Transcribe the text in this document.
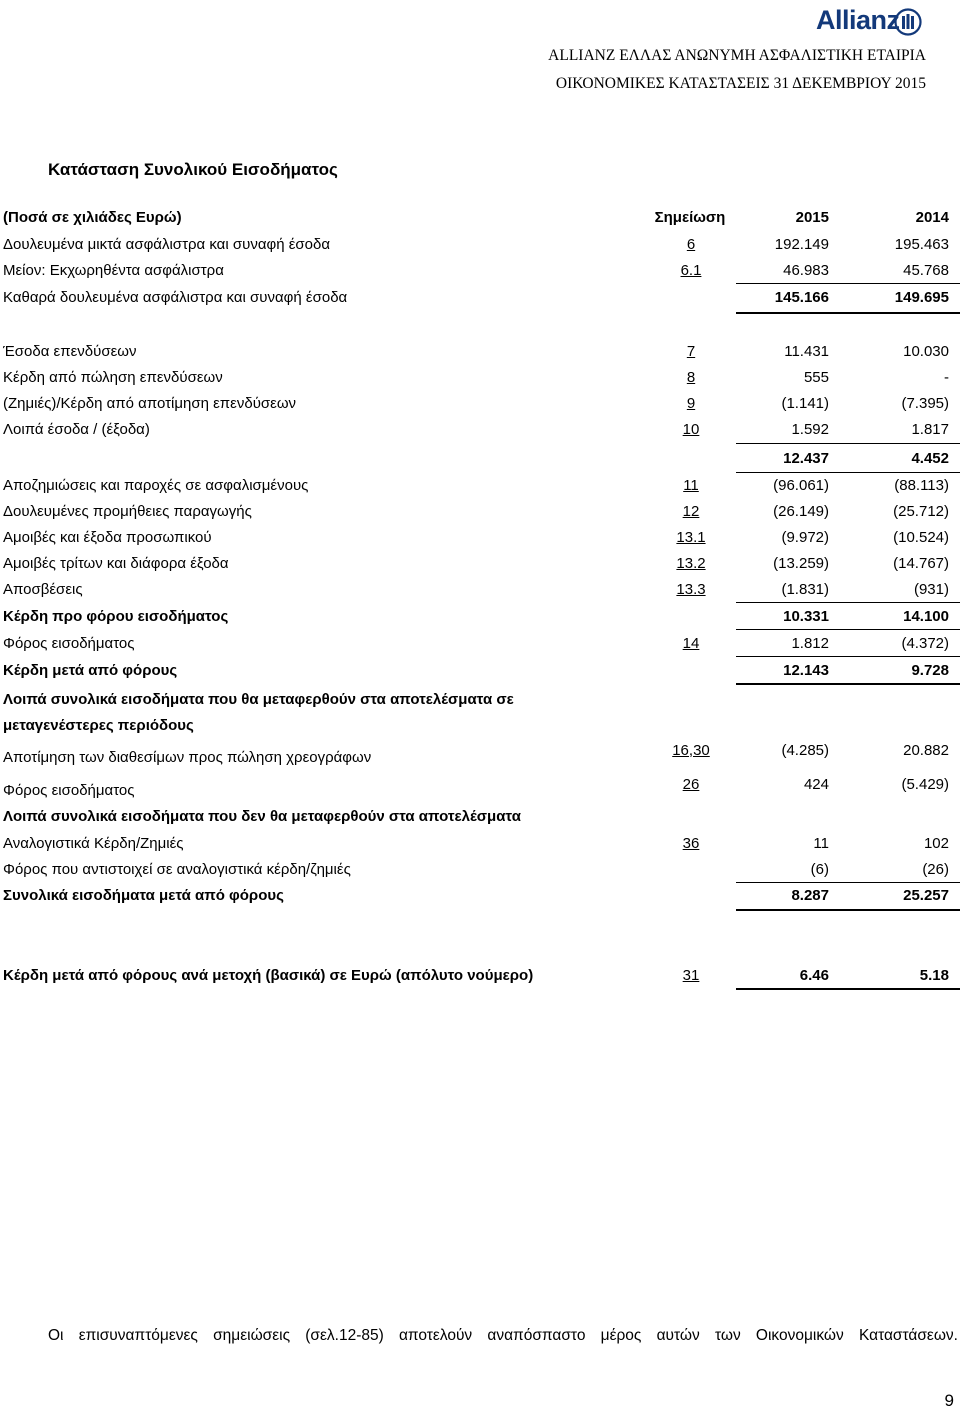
Allianz
ALLIANZ ΕΛΛΑΣ ΑΝΩΝΥΜΗ ΑΣΦΑΛΙΣΤΙΚΗ ΕΤΑΙΡΙΑ
ΟΙΚΟΝΟΜΙΚΕΣ ΚΑΤΑΣΤΑΣΕΙΣ 31 ΔΕΚΕΜΒΡΙΟΥ 2015
Κατάσταση Συνολικού Εισοδήματος
(Ποσά σε χιλιάδες Ευρώ)	Σημείωση	2015	2014
Δουλευμένα μικτά ασφάλιστρα και συναφή έσοδα	6	192.149	195.463
Μείον: Εκχωρηθέντα ασφάλιστρα	6.1	46.983	45.768
Καθαρά δουλευμένα ασφάλιστρα και συναφή έσοδα	145.166	149.695
Έσοδα επενδύσεων	7	11.431	10.030
Κέρδη από πώληση επενδύσεων	8	555	-
(Ζημιές)/Κέρδη από αποτίμηση επενδύσεων	9	(1.141)	(7.395)
Λοιπά έσοδα / (έξοδα)	10	1.592	1.817
12.437	4.452
Αποζημιώσεις και παροχές σε ασφαλισμένους	11	(96.061)	(88.113)
Δουλευμένες προμήθειες παραγωγής	12	(26.149)	(25.712)
Αμοιβές και έξοδα προσωπικού	13.1	(9.972)	(10.524)
Αμοιβές τρίτων και διάφορα έξοδα	13.2	(13.259)	(14.767)
Αποσβέσεις	13.3	(1.831)	(931)
Κέρδη προ φόρου εισοδήματος	10.331	14.100
Φόρος εισοδήματος	14	1.812	(4.372)
Κέρδη μετά από φόρους	12.143	9.728
Λοιπά συνολικά εισοδήματα που θα μεταφερθούν στα αποτελέσματα σε
μεταγενέστερες περιόδους
Αποτίμηση των διαθεσίμων προς πώληση χρεογράφων	16,30	(4.285)	20.882
Φόρος εισοδήματος	26	424	(5.429)
Λοιπά συνολικά εισοδήματα που δεν θα μεταφερθούν στα αποτελέσματα
Αναλογιστικά Κέρδη/Ζημιές	36	11	102
Φόρος που αντιστοιχεί σε αναλογιστικά κέρδη/ζημιές	(6)	(26)
Συνολικά εισοδήματα μετά από φόρους	8.287	25.257
Κέρδη μετά από φόρους ανά μετοχή (βασικά) σε Ευρώ (απόλυτο νούμερο)	31	6.46	5.18
Οι επισυναπτόμενες σημειώσεις (σελ.12-85) αποτελούν αναπόσπαστο μέρος αυτών των Οικονομικών Καταστάσεων.
9
